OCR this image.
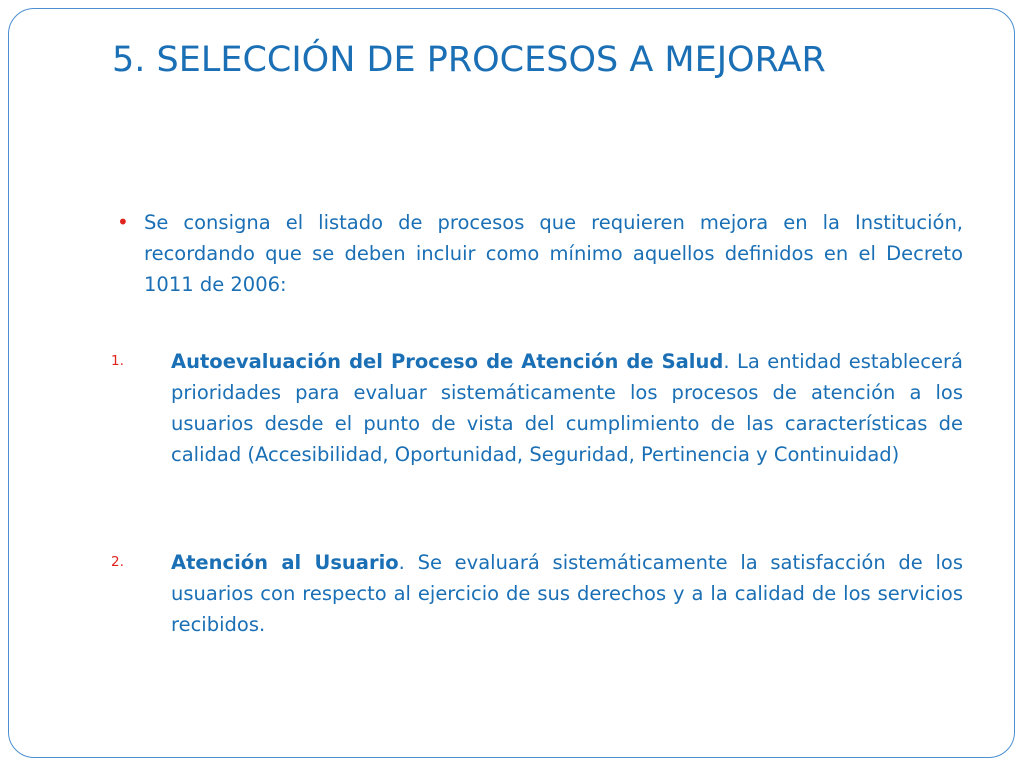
5. SELECCIÓN DE PROCESOS A MEJORAR
• Se consigna el listado de procesos que requieren mejora en la Institución, recordando que se deben incluir como mínimo aquellos definidos en el Decreto 1011 de 2006:

1. Autoevaluación del Proceso de Atención de Salud. La entidad establecerá prioridades para evaluar sistemáticamente los procesos de atención a los usuarios desde el punto de vista del cumplimiento de las características de calidad (Accesibilidad, Oportunidad, Seguridad, Pertinencia y Continuidad)

2. Atención al Usuario. Se evaluará sistemáticamente la satisfacción de los usuarios con respecto al ejercicio de sus derechos y a la calidad de los servicios recibidos.
